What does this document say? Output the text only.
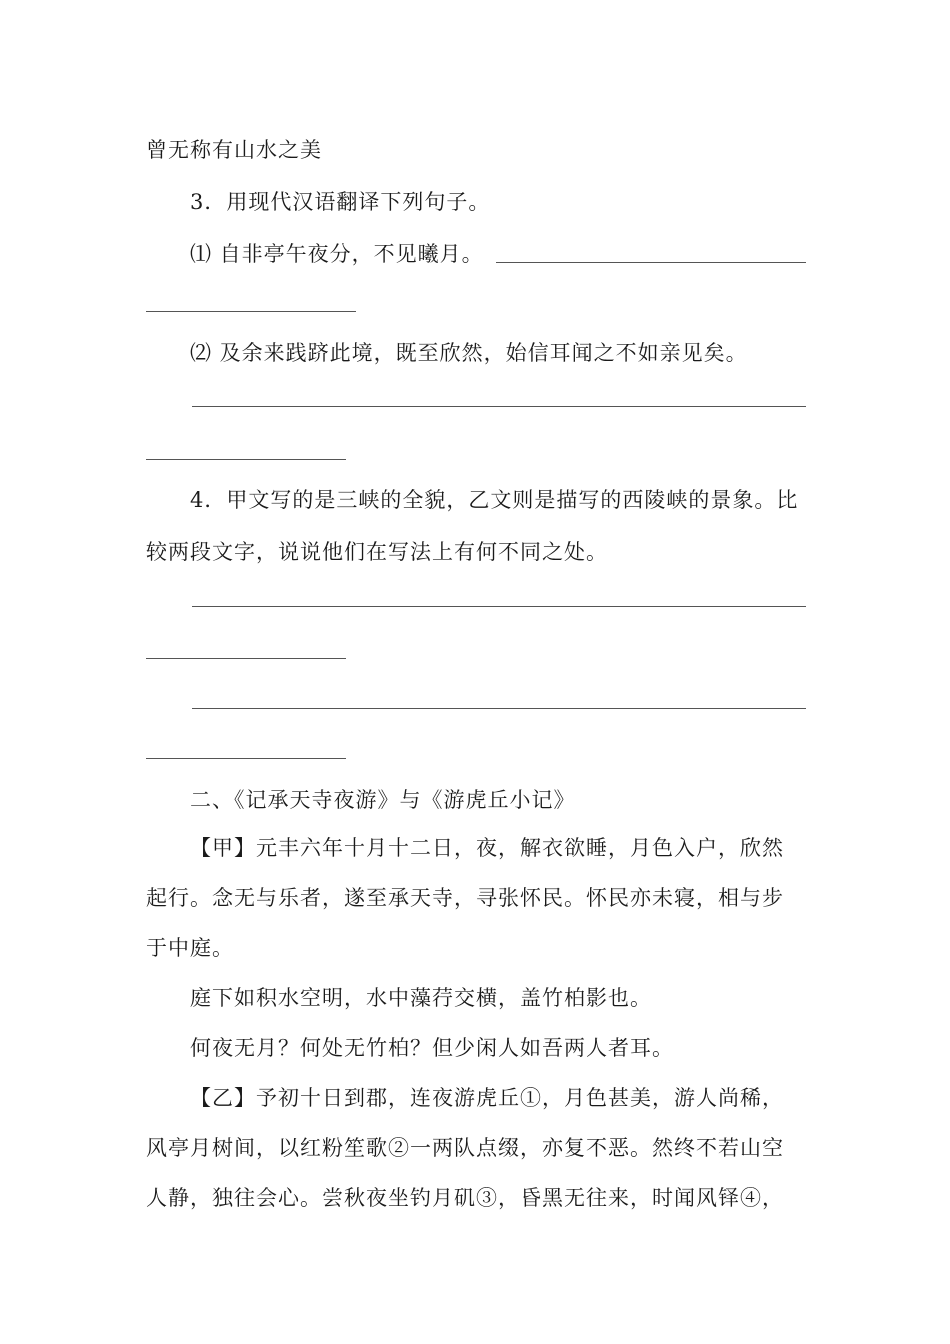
曾无称有山水之美
3．用现代汉语翻译下列句子。
⑴ 自非亭午夜分，不见曦月。
⑵ 及余来践跻此境，既至欣然，始信耳闻之不如亲见矣。
4．甲文写的是三峡的全貌，乙文则是描写的西陵峡的景象。比
较两段文字，说说他们在写法上有何不同之处。
二、《记承天寺夜游》与《游虎丘小记》
【甲】元丰六年十月十二日，夜，解衣欲睡，月色入户，欣然
起行。念无与乐者，遂至承天寺，寻张怀民。怀民亦未寝，相与步
于中庭。
庭下如积水空明，水中藻荇交横，盖竹柏影也。
何夜无月？何处无竹柏？但少闲人如吾两人者耳。
【乙】予初十日到郡，连夜游虎丘①，月色甚美，游人尚稀，
风亭月树间，以红粉笙歌②一两队点缀，亦复不恶。然终不若山空
人静，独往会心。尝秋夜坐钓月矶③，昏黑无往来，时闻风铎④，
